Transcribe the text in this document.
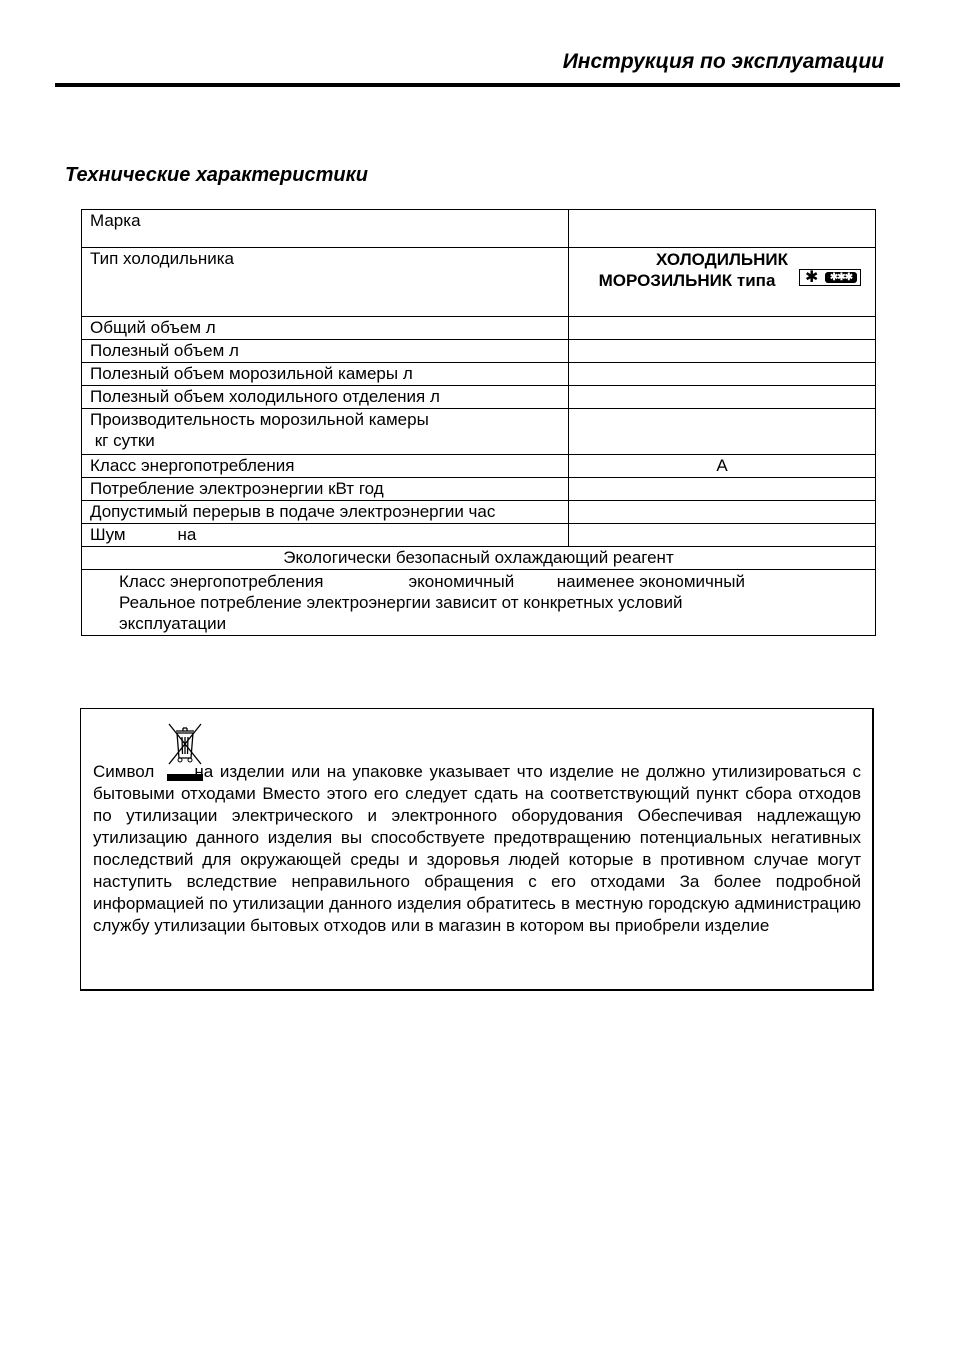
Инструкция по эксплуатации
Технические характеристики
Марка	
Тип холодильника	ХОЛОДИЛЬНИК
МОРОЗИЛЬНИК типа ✱ ✱✱✱

Общий объем л	
Полезный объем л	
Полезный объем морозильной камеры л	
Полезный объем холодильного отделения л	

Производительность морозильной камеры
кг сутки	

Класс энергопотребления	А
Потребление электроэнергии кВт год	
Допустимый перерыв в подаче электроэнергии час	
Шум           на	
Экологически безопасный охлаждающий реагент	

Класс энергопотребления                  экономичный         наименее экономичный
Реальное потребление электроэнергии зависит от конкретных условий
эксплуатации	
Символ на изделии или на упаковке указывает что изделие не должно утилизироваться с бытовыми отходами Вместо этого его следует сдать на соответствующий пункт сбора отходов по утилизации электрического и электронного оборудования Обеспечивая надлежащую утилизацию данного изделия вы способствуете предотвращению потенциальных негативных последствий для окружающей среды и здоровья людей которые в противном случае могут наступить вследствие неправильного обращения с его отходами За более подробной информацией по утилизации данного изделия обратитесь в местную городскую администрацию службу утилизации бытовых отходов или в магазин в котором вы приобрели изделие
